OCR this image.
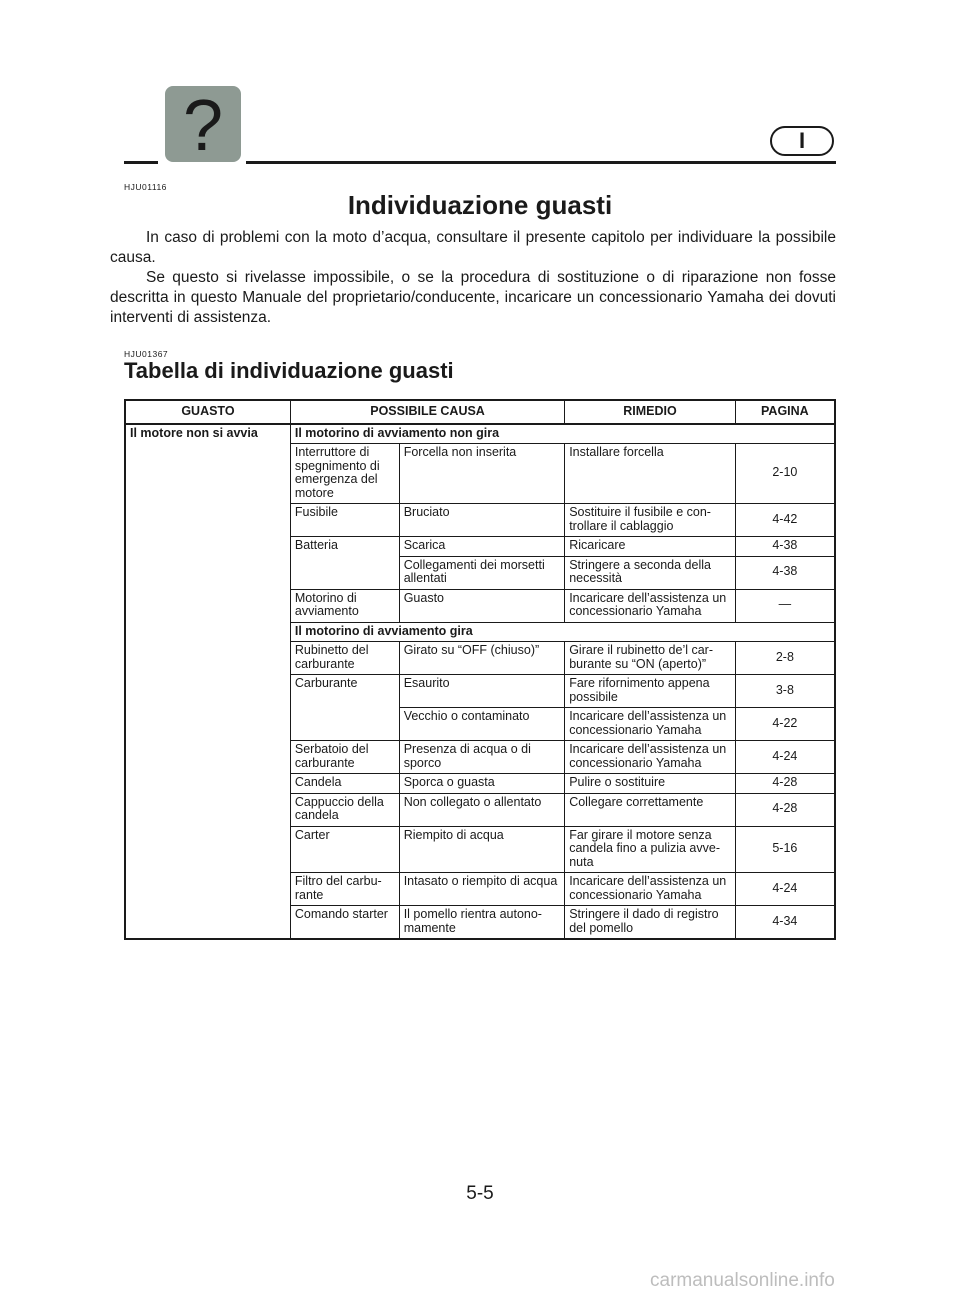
?	I
HJU01116
Individuazione guasti

In caso di problemi con la moto d’acqua, consultare il presente capitolo per individuare la possibile causa.

Se questo si rivelasse impossibile, o se la procedura di sostituzione o di riparazione non fosse descritta in questo Manuale del proprietario/conducente, incaricare un concessionario Yamaha dei dovuti interventi di assistenza.

HJU01367
Tabella di individuazione guasti
GUASTO	POSSIBILE CAUSA		RIMEDIO	PAGINA
Il motore non si avvia	Il motorino di avviamento non gira			
	Interruttore di spegnimento di emergenza del motore	Forcella non inserita	Installare forcella	2-10
	Fusibile	Bruciato	Sostituire il fusibile e con-trollare il cablaggio	4-42
	Batteria	Scarica	Ricaricare	4-38
		Collegamenti dei morsetti allentati	Stringere a seconda della necessità	4-38
	Motorino di avviamento	Guasto	Incaricare dell’assistenza un concessionario Yamaha	—
	Il motorino di avviamento gira			
	Rubinetto del carburante	Girato su “OFF (chiuso)”	Girare il rubinetto de’l car-burante su “ON (aperto)”	2-8
	Carburante	Esaurito	Fare rifornimento appena possibile	3-8
		Vecchio o contaminato	Incaricare dell’assistenza un concessionario Yamaha	4-22
	Serbatoio del carburante	Presenza di acqua o di sporco	Incaricare dell’assistenza un concessionario Yamaha	4-24
	Candela	Sporca o guasta	Pulire o sostituire	4-28
	Cappuccio della candela	Non collegato o allentato	Collegare correttamente	4-28
	Carter	Riempito di acqua	Far girare il motore senza candela fino a pulizia avve-nuta	5-16
	Filtro del carbu-rante	Intasato o riempito di acqua	Incaricare dell’assistenza un concessionario Yamaha	4-24
	Comando starter	Il pomello rientra autono-mamente	Stringere il dado di registro del pomello	4-34
5-5
carmanualsonline.info
